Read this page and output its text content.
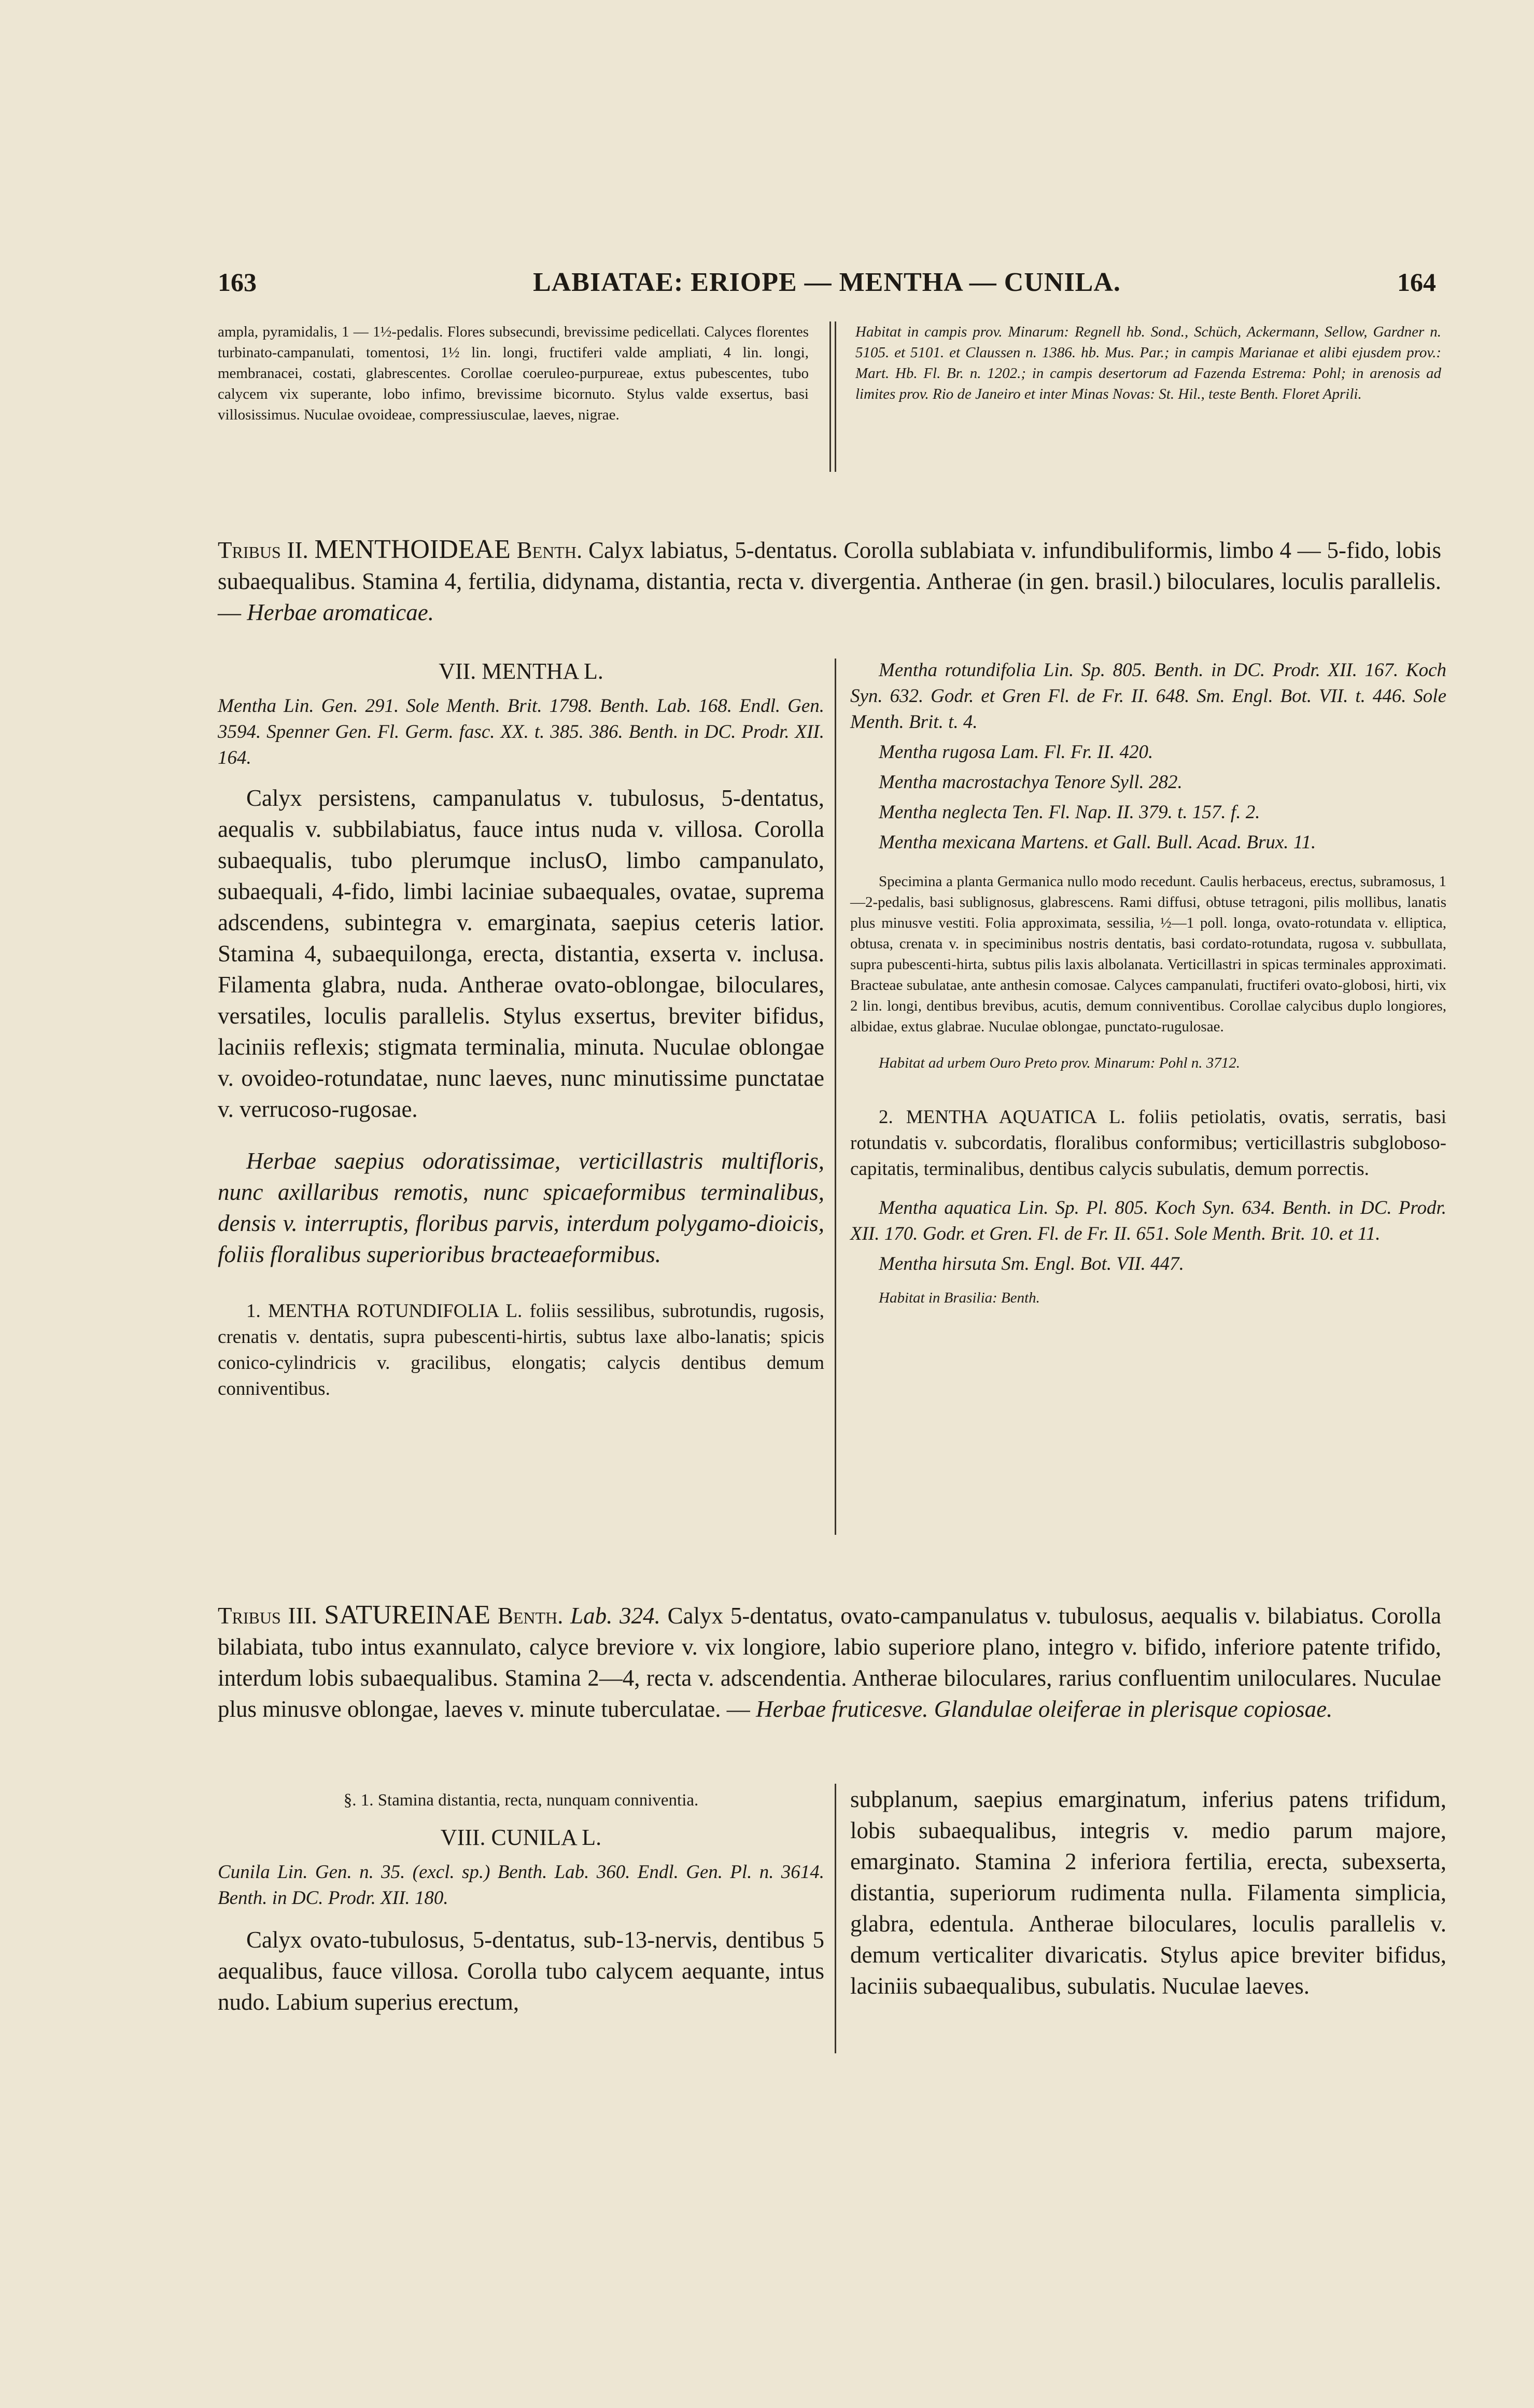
163	LABIATAE: ERIOPE — MENTHA — CUNILA.	164
ampla, pyramidalis, 1 — 1½-pedalis. Flores subsecundi, brevissime pedicellati. Calyces florentes turbinato-campanulati, tomentosi, 1½ lin. longi, fructiferi valde ampliati, 4 lin. longi, membranacei, costati, glabrescentes. Corollae coeruleo-purpureae, extus pubescentes, tubo calycem vix superante, lobo infimo, brevissime bicornuto. Stylus valde exsertus, basi villosissimus. Nuculae ovoideae, compressiusculae, laeves, nigrae.
Habitat in campis prov. Minarum: Regnell hb. Sond., Schüch, Ackermann, Sellow, Gardner n. 5105. et 5101. et Claussen n. 1386. hb. Mus. Par.; in campis Marianae et alibi ejusdem prov.: Mart. Hb. Fl. Br. n. 1202.; in campis desertorum ad Fazenda Estrema: Pohl; in arenosis ad limites prov. Rio de Janeiro et inter Minas Novas: St. Hil., teste Benth. Floret Aprili.
Tribus II. MENTHOIDEAE Benth. Calyx labiatus, 5-dentatus. Corolla sublabiata v. infundibuliformis, limbo 4 — 5-fido, lobis subaequalibus. Stamina 4, fertilia, didynama, distantia, recta v. divergentia. Antherae (in gen. brasil.) biloculares, loculis parallelis. — Herbae aromaticae.

VII. MENTHA L.

Mentha Lin. Gen. 291. Sole Menth. Brit. 1798. Benth. Lab. 168. Endl. Gen. 3594. Spenner Gen. Fl. Germ. fasc. XX. t. 385. 386. Benth. in DC. Prodr. XII. 164.

Calyx persistens, campanulatus v. tubulosus, 5-dentatus, aequalis v. subbilabiatus, fauce intus nuda v. villosa. Corolla subaequalis, tubo plerumque inclusO, limbo campanulato, subaequali, 4-fido, limbi laciniae subaequales, ovatae, suprema adscendens, subintegra v. emarginata, saepius ceteris latior. Stamina 4, subaequilonga, erecta, distantia, exserta v. inclusa. Filamenta glabra, nuda. Antherae ovato-oblongae, biloculares, versatiles, loculis parallelis. Stylus exsertus, breviter bifidus, laciniis reflexis; stigmata terminalia, minuta. Nuculae oblongae v. ovoideo-rotundatae, nunc laeves, nunc minutissime punctatae v. verrucoso-rugosae.

Herbae saepius odoratissimae, verticillastris multifloris, nunc axillaribus remotis, nunc spicaeformibus terminalibus, densis v. interruptis, floribus parvis, interdum polygamo-dioicis, foliis floralibus superioribus bracteaeformibus.

1. MENTHA ROTUNDIFOLIA L. foliis sessilibus, subrotundis, rugosis, crenatis v. dentatis, supra pubescenti-hirtis, subtus laxe albo-lanatis; spicis conico-cylindricis v. gracilibus, elongatis; calycis dentibus demum conniventibus.

Mentha rotundifolia Lin. Sp. 805. Benth. in DC. Prodr. XII. 167. Koch Syn. 632. Godr. et Gren Fl. de Fr. II. 648. Sm. Engl. Bot. VII. t. 446. Sole Menth. Brit. t. 4.

Mentha rugosa Lam. Fl. Fr. II. 420.

Mentha macrostachya Tenore Syll. 282.

Mentha neglecta Ten. Fl. Nap. II. 379. t. 157. f. 2.

Mentha mexicana Martens. et Gall. Bull. Acad. Brux. 11.

Specimina a planta Germanica nullo modo recedunt. Caulis herbaceus, erectus, subramosus, 1—2-pedalis, basi sublignosus, glabrescens. Rami diffusi, obtuse tetragoni, pilis mollibus, lanatis plus minusve vestiti. Folia approximata, sessilia, ½—1 poll. longa, ovato-rotundata v. elliptica, obtusa, crenata v. in speciminibus nostris dentatis, basi cordato-rotundata, rugosa v. subbullata, supra pubescenti-hirta, subtus pilis laxis albolanata. Verticillastri in spicas terminales approximati. Bracteae subulatae, ante anthesin comosae. Calyces campanulati, fructiferi ovato-globosi, hirti, vix 2 lin. longi, dentibus brevibus, acutis, demum conniventibus. Corollae calycibus duplo longiores, albidae, extus glabrae. Nuculae oblongae, punctato-rugulosae.

Habitat ad urbem Ouro Preto prov. Minarum: Pohl n. 3712.

2. MENTHA AQUATICA L. foliis petiolatis, ovatis, serratis, basi rotundatis v. subcordatis, floralibus conformibus; verticillastris subgloboso-capitatis, terminalibus, dentibus calycis subulatis, demum porrectis.

Mentha aquatica Lin. Sp. Pl. 805. Koch Syn. 634. Benth. in DC. Prodr. XII. 170. Godr. et Gren. Fl. de Fr. II. 651. Sole Menth. Brit. 10. et 11.

Mentha hirsuta Sm. Engl. Bot. VII. 447.

Habitat in Brasilia: Benth.

Tribus III. SATUREINAE Benth. Lab. 324. Calyx 5-dentatus, ovato-campanulatus v. tubulosus, aequalis v. bilabiatus. Corolla bilabiata, tubo intus exannulato, calyce breviore v. vix longiore, labio superiore plano, integro v. bifido, inferiore patente trifido, interdum lobis subaequalibus. Stamina 2—4, recta v. adscendentia. Antherae biloculares, rarius confluentim uniloculares. Nuculae plus minusve oblongae, laeves v. minute tuberculatae. — Herbae fruticesve. Glandulae oleiferae in plerisque copiosae.

§. 1. Stamina distantia, recta, nunquam conniventia.

VIII. CUNILA L.

Cunila Lin. Gen. n. 35. (excl. sp.) Benth. Lab. 360. Endl. Gen. Pl. n. 3614. Benth. in DC. Prodr. XII. 180.

Calyx ovato-tubulosus, 5-dentatus, sub-13-nervis, dentibus 5 aequalibus, fauce villosa. Corolla tubo calycem aequante, intus nudo. Labium superius erectum,

subplanum, saepius emarginatum, inferius patens trifidum, lobis subaequalibus, integris v. medio parum majore, emarginato. Stamina 2 inferiora fertilia, erecta, subexserta, distantia, superiorum rudimenta nulla. Filamenta simplicia, glabra, edentula. Antherae biloculares, loculis parallelis v. demum verticaliter divaricatis. Stylus apice breviter bifidus, laciniis subaequalibus, subulatis. Nuculae laeves.
